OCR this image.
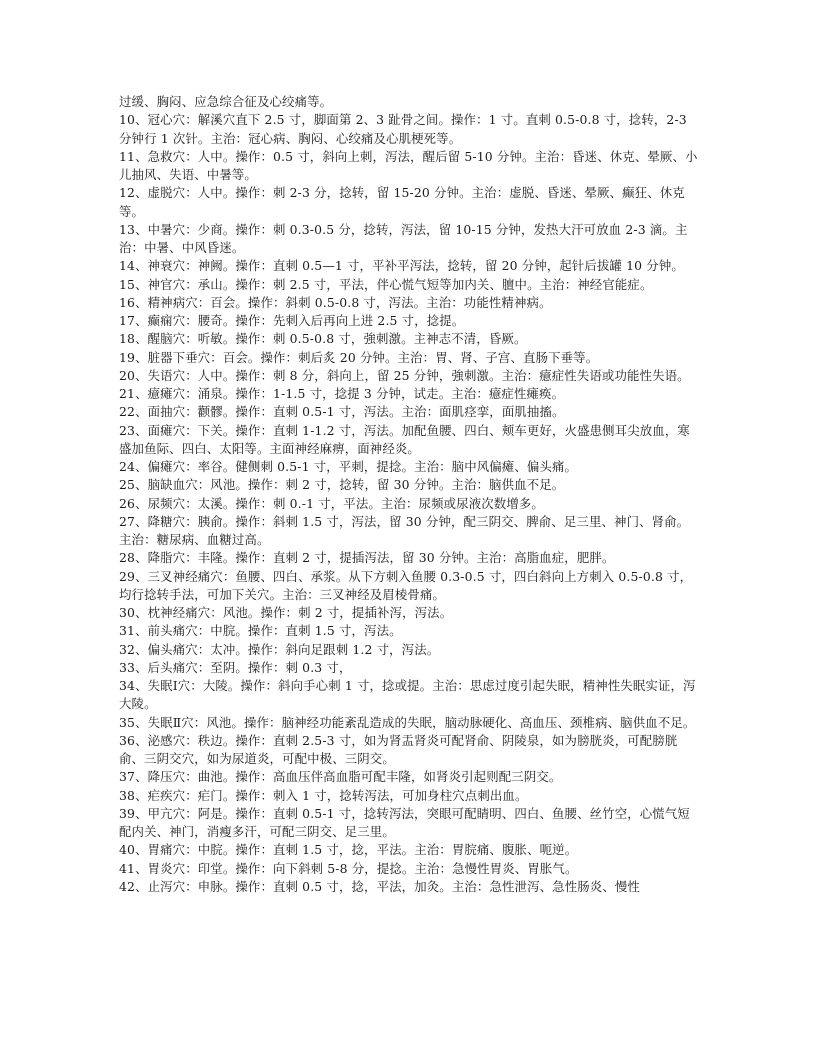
过缓、胸闷、应急综合征及心绞痛等。

10、冠心穴：解溪穴直下 2.5 寸，脚面第 2、3 趾骨之间。操作：1 寸。直刺 0.5-0.8 寸，捻转，2-3 分钟行 1 次针。主治：冠心病、胸闷、心绞痛及心肌梗死等。

11、急救穴：人中。操作：0.5 寸，斜向上刺，泻法，醒后留 5-10 分钟。主治：昏迷、休克、晕厥、小儿抽风、失语、中暑等。

12、虚脱穴：人中。操作：刺 2-3 分，捻转，留 15-20 分钟。主治：虚脱、昏迷、晕厥、癫狂、休克等。

13、中暑穴：少商。操作：刺 0.3-0.5 分，捻转，泻法，留 10-15 分钟，发热大汗可放血 2-3 滴。主治：中暑、中风昏迷。

14、神衰穴：神阙。操作：直刺 0.5—1 寸，平补平泻法，捻转，留 20 分钟，起针后拔罐 10 分钟。

15、神官穴：承山。操作：刺 2.5 寸，平法，伴心慌气短等加内关、膻中。主治：神经官能症。

16、精神病穴：百会。操作：斜刺 0.5-0.8 寸，泻法。主治：功能性精神病。

17、癫痫穴：腰奇。操作：先刺入后再向上进 2.5 寸，捻提。

18、醒脑穴：听敏。操作：刺 0.5-0.8 寸，強刺激。主神志不清，昏厥。

19、脏器下垂穴：百会。操作：刺后炙 20 分钟。主治：胃、肾、子宫、直肠下垂等。

20、失语穴：人中。操作：刺 8 分，斜向上，留 25 分钟，強刺激。主治：癔症性失语或功能性失语。

21、癔瘫穴：涌泉。操作：1-1.5 寸，捻提 3 分钟，试走。主治：癔症性瘫痪。

22、面抽穴：颧髎。操作：直刺 0.5-1 寸，泻法。主治：面肌痉挛，面肌抽搐。

23、面瘫穴：下关。操作：直刺 1-1.2 寸，泻法。加配鱼腰、四白、颊车更好，火盛患侧耳尖放血，寒盛加鱼际、四白、太阳等。主面神经麻痹，面神经炎。

24、偏瘫穴：率谷。健侧刺 0.5-1 寸，平刺，提捻。主治：脑中风偏瘫、偏头痛。

25、脑缺血穴：风池。操作：刺 2 寸，捻转，留 30 分钟。主治：脑供血不足。

26、尿频穴：太溪。操作：刺 0.-1 寸，平法。主治：尿频或尿液次数增多。

27、降糖穴：胰俞。操作：斜刺 1.5 寸，泻法，留 30 分钟，配三阴交、脾俞、足三里、神门、肾俞。主治：糖尿病、血糖过高。

28、降脂穴：丰隆。操作：直刺 2 寸，提插泻法，留 30 分钟。主治：高脂血症，肥胖。

29、三叉神经痛穴：鱼腰、四白、承浆。从下方刺入鱼腰 0.3-0.5 寸，四白斜向上方刺入 0.5-0.8 寸，均行捻转手法，可加下关穴。主治：三叉神经及眉棱骨痛。

30、枕神经痛穴：风池。操作：刺 2 寸，提插补泻，泻法。

31、前头痛穴：中脘。操作：直刺 1.5 寸，泻法。

32、偏头痛穴：太冲。操作：斜向足跟刺 1.2 寸，泻法。

33、后头痛穴：至阴。操作：刺 0.3 寸，

34、失眠Ⅰ穴：大陵。操作：斜向手心刺 1 寸，捻或提。主治：思虑过度引起失眠，精神性失眠实证，泻大陵。

35、失眠Ⅱ穴：风池。操作：脑神经功能紊乱造成的失眠，脑动脉硬化、高血压、颈椎病、脑供血不足。

36、泌感穴：秩边。操作：直刺 2.5-3 寸，如为肾盂肾炎可配肾俞、阴陵泉，如为膀胱炎，可配膀胱俞、三阴交穴，如为尿道炎，可配中极、三阴交。

37、降压穴：曲池。操作：高血压伴高血脂可配丰隆，如肾炎引起则配三阴交。

38、疟疾穴：疟门。操作：刺入 1 寸，捻转泻法，可加身柱穴点刺出血。

39、甲亢穴：阿是。操作：直刺 0.5-1 寸，捻转泻法，突眼可配睛明、四白、鱼腰、丝竹空，心慌气短配内关、神门，消瘦多汗，可配三阴交、足三里。

40、胃痛穴：中脘。操作：直刺 1.5 寸，捻，平法。主治：胃脘痛、腹胀、呃逆。

41、胃炎穴：印堂。操作：向下斜刺 5-8 分，提捻。主治：急慢性胃炎、胃胀气。

42、止泻穴：申脉。操作：直刺 0.5 寸，捻，平法，加灸。主治：急性泄泻、急性肠炎、慢性
